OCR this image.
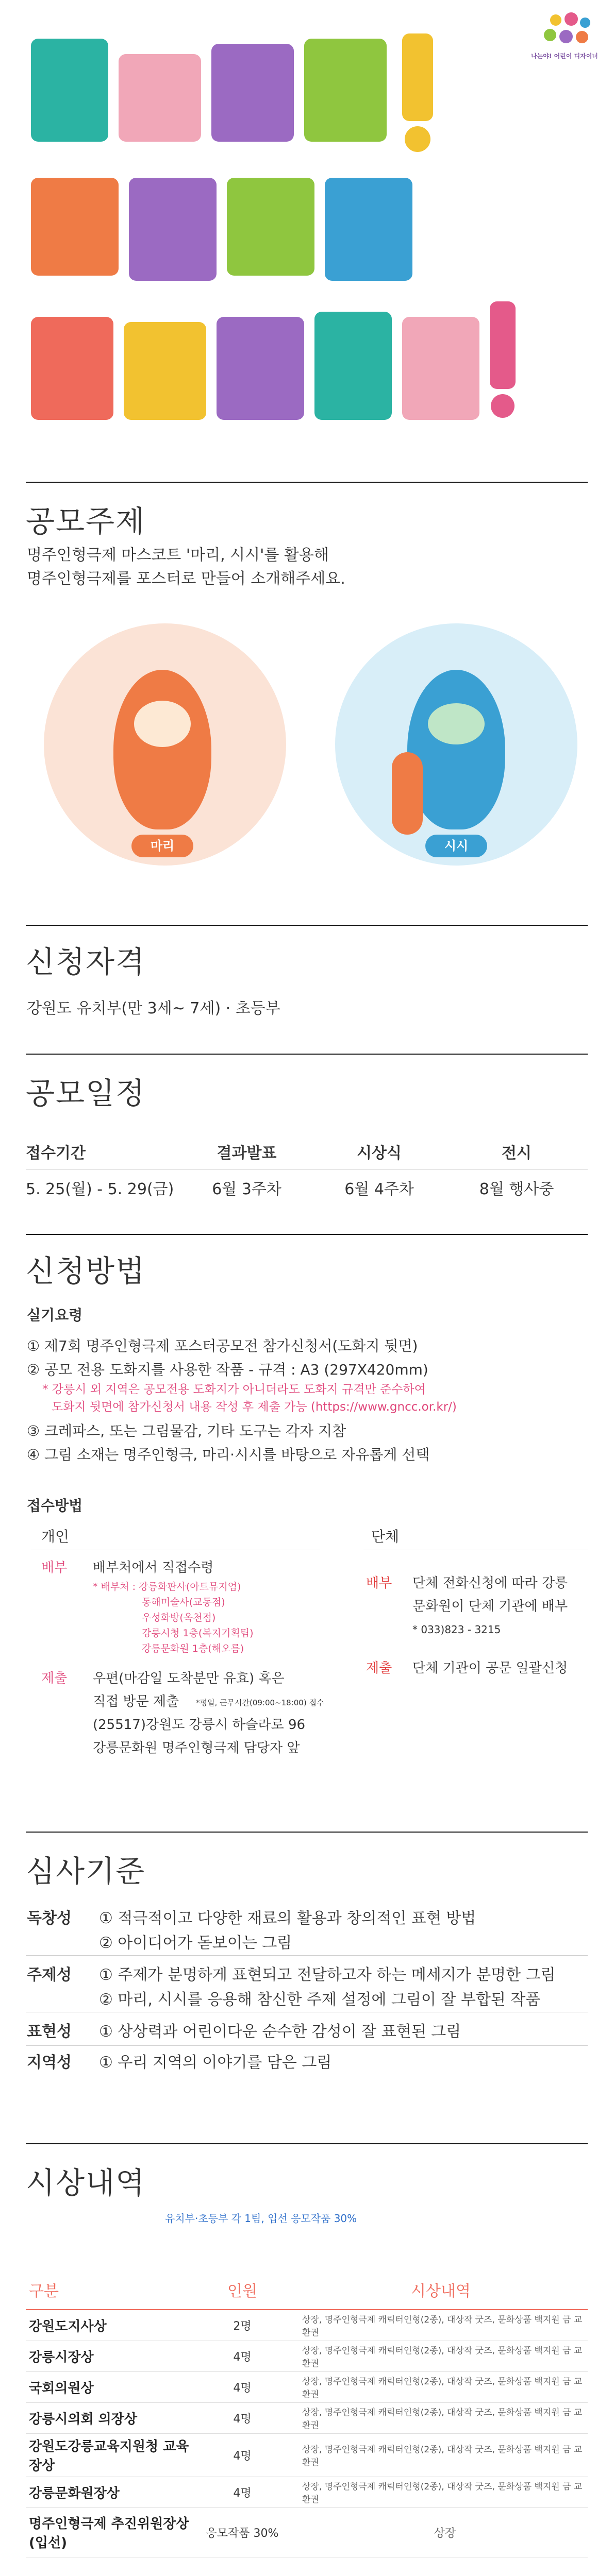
공모주제
명주인형극제 마스코트 '마리, 시시'를 활용해
명주인형극제를 포스터로 만들어 소개해주세요.
마리	시시
신청자격
강원도 유치부(만 3세~ 7세) · 초등부
공모일정
접수기간	결과발표	시상식	전시
5. 25(월) - 5. 29(금)	6월 3주차	6월 4주차	8월 행사중
신청방법
실기요령
① 제7회 명주인형극제 포스터공모전 참가신청서(도화지 뒷면)
② 공모 전용 도화지를 사용한 작품 - 규격 : A3 (297X420mm)
* 강릉시 외 지역은 공모전용 도화지가 아니더라도 도화지 규격만 준수하여
도화지 뒷면에 참가신청서 내용 작성 후 제출 가능 (https://www.gncc.or.kr/)
③ 크레파스, 또는 그림물감, 기타 도구는 각자 지참
④ 그림 소재는 명주인형극, 마리·시시를 바탕으로 자유롭게 선택
접수방법
개인
배부 배부처에서 직접수령
* 배부처 : 강릉화판사(아트뮤지엄)
동해미술사(교동점)
우성화방(옥천점)
강릉시청 1층(복지기획팀)
강릉문화원 1층(해오름)
제출 우편(마감일 도착분만 유효) 혹은
직접 방문 제출 *평일, 근무시간(09:00~18:00) 접수
(25517)강원도 강릉시 하슬라로 96
강릉문화원 명주인형극제 담당자 앞
단체
배부 단체 전화신청에 따라 강릉
문화원이 단체 기관에 배부
* 033)823 - 3215
제출 단체 기관이 공문 일괄신청
심사기준
독창성	① 적극적이고 다양한 재료의 활용과 창의적인 표현 방법
② 아이디어가 돋보이는 그림
주제성	① 주제가 분명하게 표현되고 전달하고자 하는 메세지가 분명한 그림
② 마리, 시시를 응용해 참신한 주제 설정에 그림이 잘 부합된 작품
표현성	① 상상력과 어린이다운 순수한 감성이 잘 표현된 그림
지역성	① 우리 지역의 이야기를 담은 그림
시상내역
유치부·초등부 각 1팀, 입선 응모작품 30%
구분	인원	시상내역
강원도지사상	2명	상장, 명주인형극제 캐릭터인형(2종), 대상작 굿즈, 문화상품 백지원 금 교환권
강릉시장상	4명	상장, 명주인형극제 캐릭터인형(2종), 대상작 굿즈, 문화상품 백지원 금 교환권
국회의원상	4명	상장, 명주인형극제 캐릭터인형(2종), 대상작 굿즈, 문화상품 백지원 금 교환권
강릉시의회 의장상	4명	상장, 명주인형극제 캐릭터인형(2종), 대상작 굿즈, 문화상품 백지원 금 교환권
강원도강릉교육지원청 교육장상	4명	상장, 명주인형극제 캐릭터인형(2종), 대상작 굿즈, 문화상품 백지원 금 교환권
강릉문화원장상	4명	상장, 명주인형극제 캐릭터인형(2종), 대상작 굿즈, 문화상품 백지원 금 교환권
명주인형극제 추진위원장상(입선)	응모작품 30%	상장
나는야! 어린이 디자이너
